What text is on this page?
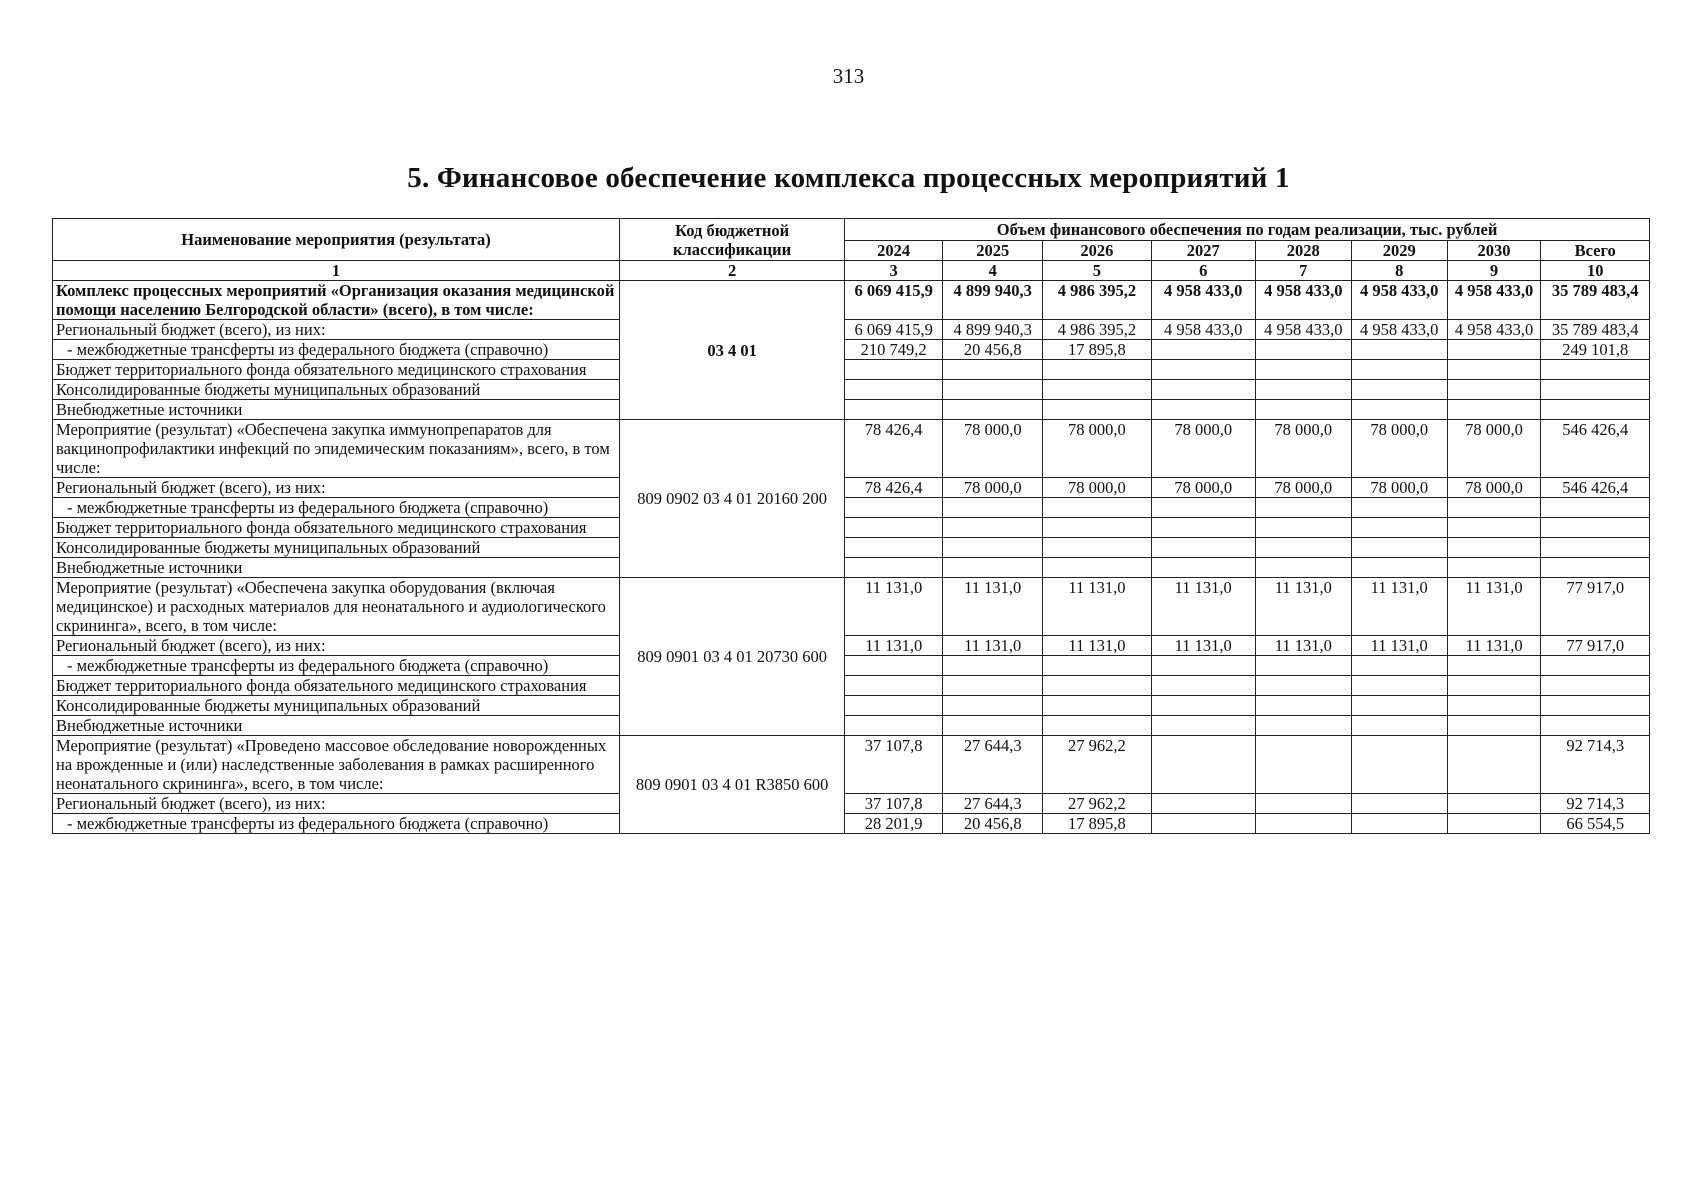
313
5. Финансовое обеспечение комплекса процессных мероприятий 1
Наименование мероприятия (результата)	Код бюджетной классификации	Объем финансового обеспечения по годам реализации, тыс. рублей							
		2024	2025	2026	2027	2028	2029	2030	Всего
1	2	3	4	5	6	7	8	9	10
Комплекс процессных мероприятий «Организация оказания медицинской помощи населению Белгородской области» (всего), в том числе:	03 4 01	6 069 415,9	4 899 940,3	4 986 395,2	4 958 433,0	4 958 433,0	4 958 433,0	4 958 433,0	35 789 483,4
Региональный бюджет (всего), из них:		6 069 415,9	4 899 940,3	4 986 395,2	4 958 433,0	4 958 433,0	4 958 433,0	4 958 433,0	35 789 483,4
- межбюджетные трансферты из федерального бюджета (справочно)		210 749,2	20 456,8	17 895,8					249 101,8
Бюджет территориального фонда обязательного медицинского страхования									
Консолидированные бюджеты муниципальных образований									
Внебюджетные источники									
Мероприятие (результат) «Обеспечена закупка иммунопрепаратов для вакцинопрофилактики инфекций по эпидемическим показаниям», всего, в том числе:	809 0902 03 4 01 20160 200	78 426,4	78 000,0	78 000,0	78 000,0	78 000,0	78 000,0	78 000,0	546 426,4
Региональный бюджет (всего), из них:		78 426,4	78 000,0	78 000,0	78 000,0	78 000,0	78 000,0	78 000,0	546 426,4
- межбюджетные трансферты из федерального бюджета (справочно)									
Бюджет территориального фонда обязательного медицинского страхования									
Консолидированные бюджеты муниципальных образований									
Внебюджетные источники									
Мероприятие (результат) «Обеспечена закупка оборудования (включая медицинское) и расходных материалов для неонатального и аудиологического скрининга», всего, в том числе:	809 0901 03 4 01 20730 600	11 131,0	11 131,0	11 131,0	11 131,0	11 131,0	11 131,0	11 131,0	77 917,0
Региональный бюджет (всего), из них:		11 131,0	11 131,0	11 131,0	11 131,0	11 131,0	11 131,0	11 131,0	77 917,0
- межбюджетные трансферты из федерального бюджета (справочно)									
Бюджет территориального фонда обязательного медицинского страхования									
Консолидированные бюджеты муниципальных образований									
Внебюджетные источники									
Мероприятие (результат) «Проведено массовое обследование новорожденных на врожденные и (или) наследственные заболевания в рамках расширенного неонатального скрининга», всего, в том числе:	809 0901 03 4 01 R3850 600	37 107,8	27 644,3	27 962,2					92 714,3
Региональный бюджет (всего), из них:		37 107,8	27 644,3	27 962,2					92 714,3
- межбюджетные трансферты из федерального бюджета (справочно)		28 201,9	20 456,8	17 895,8					66 554,5
